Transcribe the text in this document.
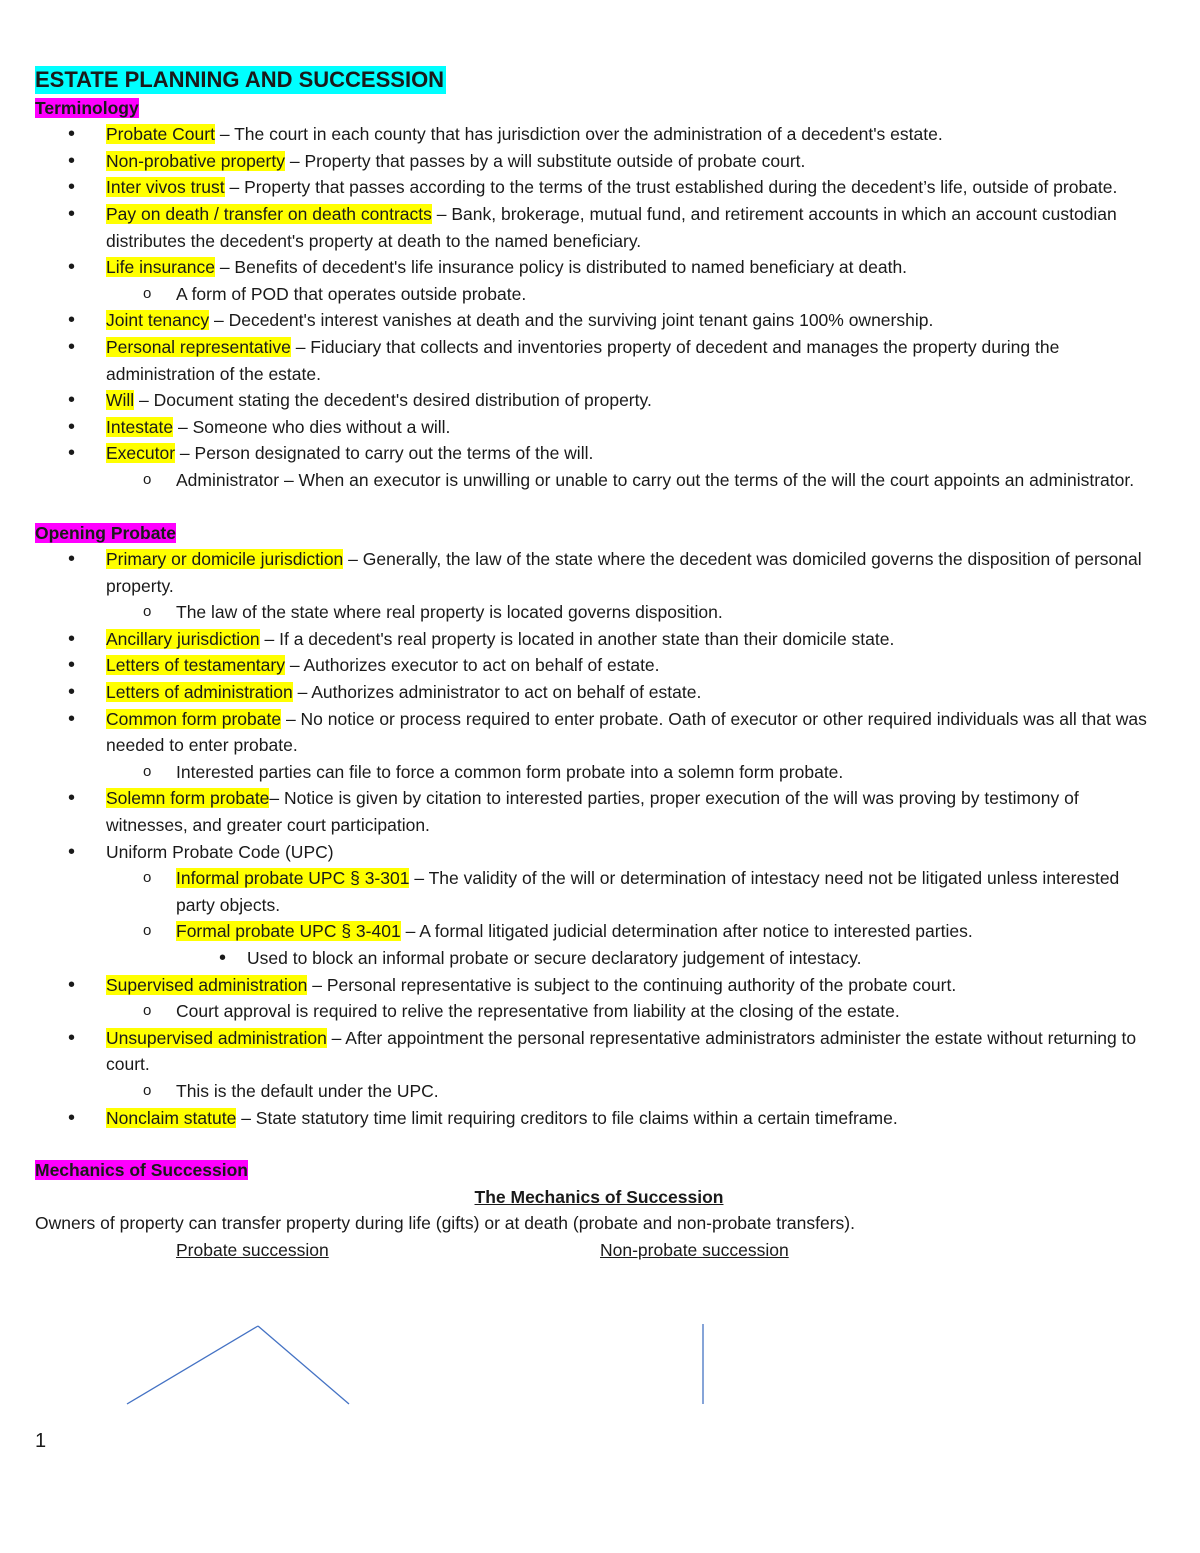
ESTATE PLANNING AND SUCCESSION
Terminology
• Probate Court – The court in each county that has jurisdiction over the administration of a decedent's estate.
• Non-probative property – Property that passes by a will substitute outside of probate court.
• Inter vivos trust – Property that passes according to the terms of the trust established during the decedent’s life, outside of probate.
• Pay on death / transfer on death contracts – Bank, brokerage, mutual fund, and retirement accounts in which an account custodian distributes the decedent's property at death to the named beneficiary.
• Life insurance – Benefits of decedent's life insurance policy is distributed to named beneficiary at death.
o A form of POD that operates outside probate.
• Joint tenancy – Decedent's interest vanishes at death and the surviving joint tenant gains 100% ownership.
• Personal representative – Fiduciary that collects and inventories property of decedent and manages the property during the administration of the estate.
• Will – Document stating the decedent's desired distribution of property.
• Intestate – Someone who dies without a will.
• Executor – Person designated to carry out the terms of the will.
o Administrator – When an executor is unwilling or unable to carry out the terms of the will the court appoints an administrator.
Opening Probate
• Primary or domicile jurisdiction – Generally, the law of the state where the decedent was domiciled governs the disposition of personal property.
o The law of the state where real property is located governs disposition.
• Ancillary jurisdiction – If a decedent's real property is located in another state than their domicile state.
• Letters of testamentary – Authorizes executor to act on behalf of estate.
• Letters of administration – Authorizes administrator to act on behalf of estate.
• Common form probate – No notice or process required to enter probate. Oath of executor or other required individuals was all that was needed to enter probate.
o Interested parties can file to force a common form probate into a solemn form probate.
• Solemn form probate– Notice is given by citation to interested parties, proper execution of the will was proving by testimony of witnesses, and greater court participation.
• Uniform Probate Code (UPC)
o Informal probate UPC § 3-301 – The validity of the will or determination of intestacy need not be litigated unless interested party objects.
o Formal probate UPC § 3-401 – A formal litigated judicial determination after notice to interested parties.
• Used to block an informal probate or secure declaratory judgement of intestacy.
• Supervised administration – Personal representative is subject to the continuing authority of the probate court.
o Court approval is required to relive the representative from liability at the closing of the estate.
• Unsupervised administration – After appointment the personal representative administrators administer the estate without returning to court.
o This is the default under the UPC.
• Nonclaim statute – State statutory time limit requiring creditors to file claims within a certain timeframe.
Mechanics of Succession
The Mechanics of Succession
Owners of property can transfer property during life (gifts) or at death (probate and non-probate transfers).
Probate succession	Non-probate succession
1
